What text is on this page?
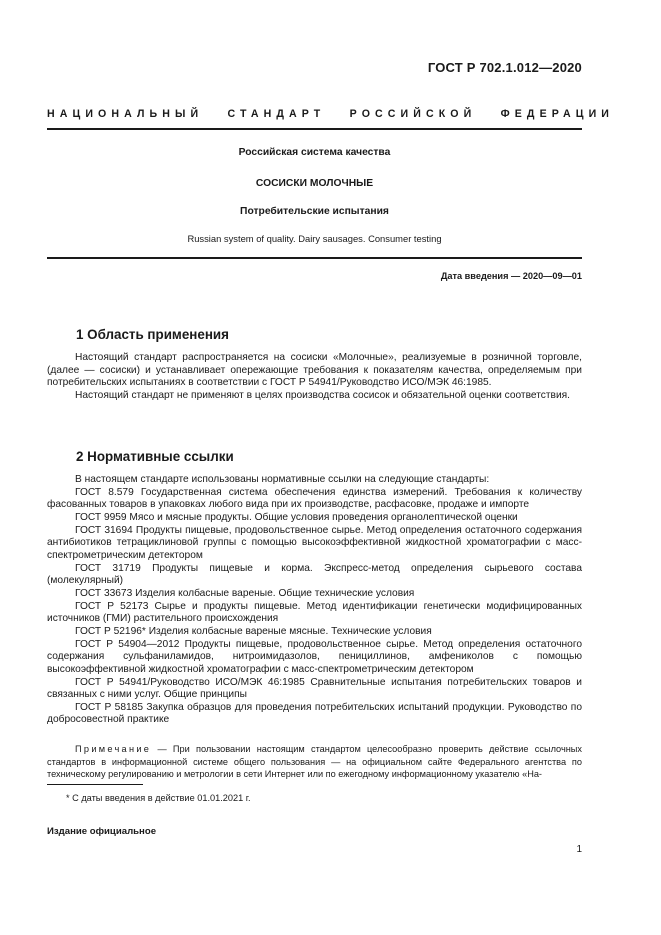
ГОСТ Р 702.1.012—2020
НАЦИОНАЛЬНЫЙ СТАНДАРТ РОССИЙСКОЙ ФЕДЕРАЦИИ
Российская система качества
СОСИСКИ МОЛОЧНЫЕ
Потребительские испытания
Russian system of quality. Dairy sausages. Consumer testing
Дата введения — 2020—09—01
1 Область применения

Настоящий стандарт распространяется на сосиски «Молочные», реализуемые в розничной торговле, (далее — сосиски) и устанавливает опережающие требования к показателям качества, определяемым при потребительских испытаниях в соответствии с ГОСТ Р 54941/Руководство ИСО/МЭК 46:1985.

Настоящий стандарт не применяют в целях производства сосисок и обязательной оценки соответствия.

2 Нормативные ссылки

В настоящем стандарте использованы нормативные ссылки на следующие стандарты:

ГОСТ 8.579 Государственная система обеспечения единства измерений. Требования к количеству фасованных товаров в упаковках любого вида при их производстве, расфасовке, продаже и импорте

ГОСТ 9959 Мясо и мясные продукты. Общие условия проведения органолептической оценки

ГОСТ 31694 Продукты пищевые, продовольственное сырье. Метод определения остаточного содержания антибиотиков тетрациклиновой группы с помощью высокоэффективной жидкостной хроматографии с масс-спектрометрическим детектором

ГОСТ 31719 Продукты пищевые и корма. Экспресс-метод определения сырьевого состава (молекулярный)

ГОСТ 33673 Изделия колбасные вареные. Общие технические условия

ГОСТ Р 52173 Сырье и продукты пищевые. Метод идентификации генетически модифицированных источников (ГМИ) растительного происхождения

ГОСТ Р 52196* Изделия колбасные вареные мясные. Технические условия

ГОСТ Р 54904—2012 Продукты пищевые, продовольственное сырье. Метод определения остаточного содержания сульфаниламидов, нитроимидазолов, пенициллинов, амфениколов с помощью высокоэффективной жидкостной хроматографии с масс-спектрометрическим детектором

ГОСТ Р 54941/Руководство ИСО/МЭК 46:1985 Сравнительные испытания потребительских товаров и связанных с ними услуг. Общие принципы

ГОСТ Р 58185 Закупка образцов для проведения потребительских испытаний продукции. Руководство по добросовестной практике

Примечание — При пользовании настоящим стандартом целесообразно проверить действие ссылочных стандартов в информационной системе общего пользования — на официальном сайте Федерального агентства по техническому регулированию и метрологии в сети Интернет или по ежегодному информационному указателю «На-
* С даты введения в действие 01.01.2021 г.
Издание официальное
1
